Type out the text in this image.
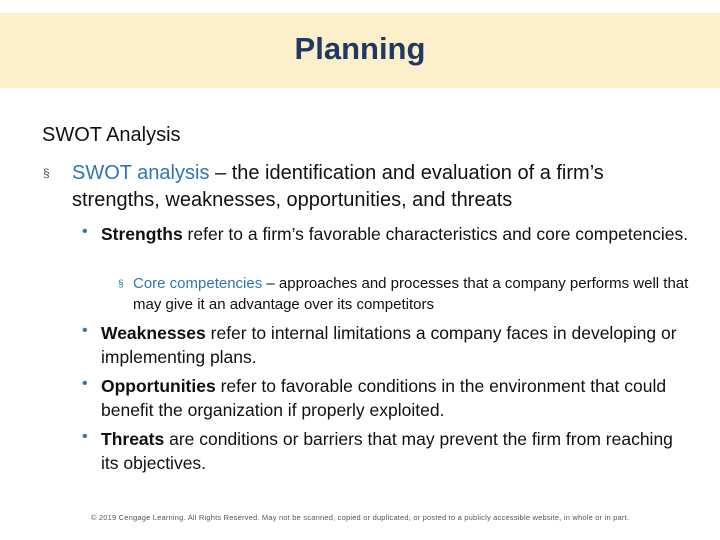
Planning
SWOT Analysis
§ SWOT analysis – the identification and evaluation of a firm’s strengths, weaknesses, opportunities, and threats
• Strengths refer to a firm’s favorable characteristics and core competencies.
§ Core competencies – approaches and processes that a company performs well that may give it an advantage over its competitors
• Weaknesses refer to internal limitations a company faces in developing or implementing plans.
• Opportunities refer to favorable conditions in the environment that could benefit the organization if properly exploited.
• Threats are conditions or barriers that may prevent the firm from reaching its objectives.
© 2019 Cengage Learning. All Rights Reserved. May not be scanned, copied or duplicated, or posted to a publicly accessible website, in whole or in part.
